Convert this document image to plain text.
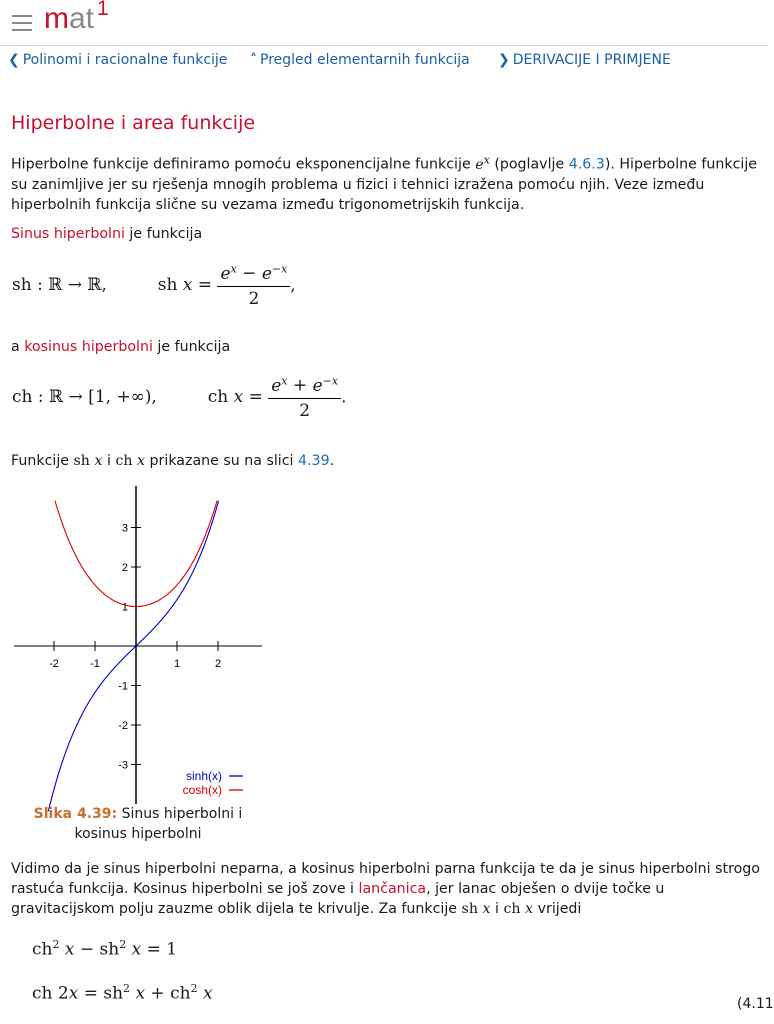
mat 1
❮ Polinomi i racionalne funkcije ˄ Pregled elementarnih funkcija ❯ DERIVACIJE I PRIMJENE
Hiperbolne i area funkcije
Hiperbolne funkcije definiramo pomoću eksponencijalne funkcije $e^x$ (poglavlje 4.6.3). Hiperbolne funkcije su zanimljive jer su rješenja mnogih problema u fizici i tehnici izražena pomoću njih. Veze između hiperbolnih funkcija slične su vezama između trigonometrijskih funkcija.
Sinus hiperbolni je funkcija
sh : ℝ → ℝ,	sh $x = \frac{e^x - e^{-x}}{2}$ ,
a kosinus hiperbolni je funkcija
ch : ℝ → [1, +∞),	ch $x = \frac{e^x + e^{-x}}{2}$ .
Funkcije sh x i ch x prikazane su na slici 4.39.
-2	-1	1	2
-3
-2
-1
1
2
3
sinh(x)
cosh(x)
Slika 4.39: Sinus hiperbolni i kosinus hiperbolni
Vidimo da je sinus hiperbolni neparna, a kosinus hiperbolni parna funkcija te da je sinus hiperbolni strogo rastuća funkcija. Kosinus hiperbolni se još zove i lančanica, jer lanac obješen o dvije točke u gravitacijskom polju zauzme oblik dijela te krivulje. Za funkcije sh x i ch x vrijedi
$ch^2$ $x - sh^2$ x = 1
ch $2x = sh^2$ $x + ch^2$ x
(4.11
